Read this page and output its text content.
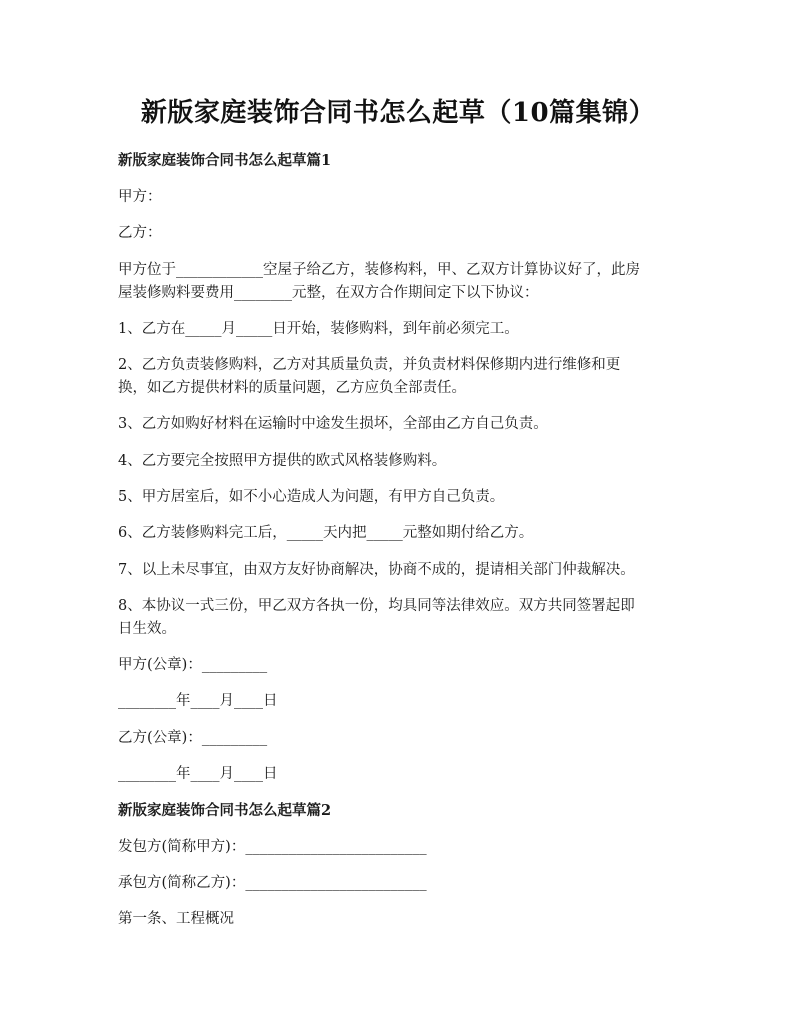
新版家庭装饰合同书怎么起草（10篇集锦）
新版家庭装饰合同书怎么起草篇1
甲方：
乙方：
甲方位于____________空屋子给乙方，装修构料，甲、乙双方计算协议好了，此房
屋装修购料要费用________元整，在双方合作期间定下以下协议：
1、乙方在_____月_____日开始，装修购料，到年前必须完工。
2、乙方负责装修购料，乙方对其质量负责，并负责材料保修期内进行维修和更
换，如乙方提供材料的质量问题，乙方应负全部责任。
3、乙方如购好材料在运输时中途发生损坏，全部由乙方自己负责。
4、乙方要完全按照甲方提供的欧式风格装修购料。
5、甲方居室后，如不小心造成人为问题，有甲方自己负责。
6、乙方装修购料完工后，_____天内把_____元整如期付给乙方。
7、以上未尽事宜，由双方友好协商解决，协商不成的，提请相关部门仲裁解决。
8、本协议一式三份，甲乙双方各执一份，均具同等法律效应。双方共同签署起即
日生效。
甲方(公章)：_________
________年____月____日
乙方(公章)：_________
________年____月____日
新版家庭装饰合同书怎么起草篇2
发包方(简称甲方)：_________________________
承包方(简称乙方)：_________________________
第一条、工程概况
